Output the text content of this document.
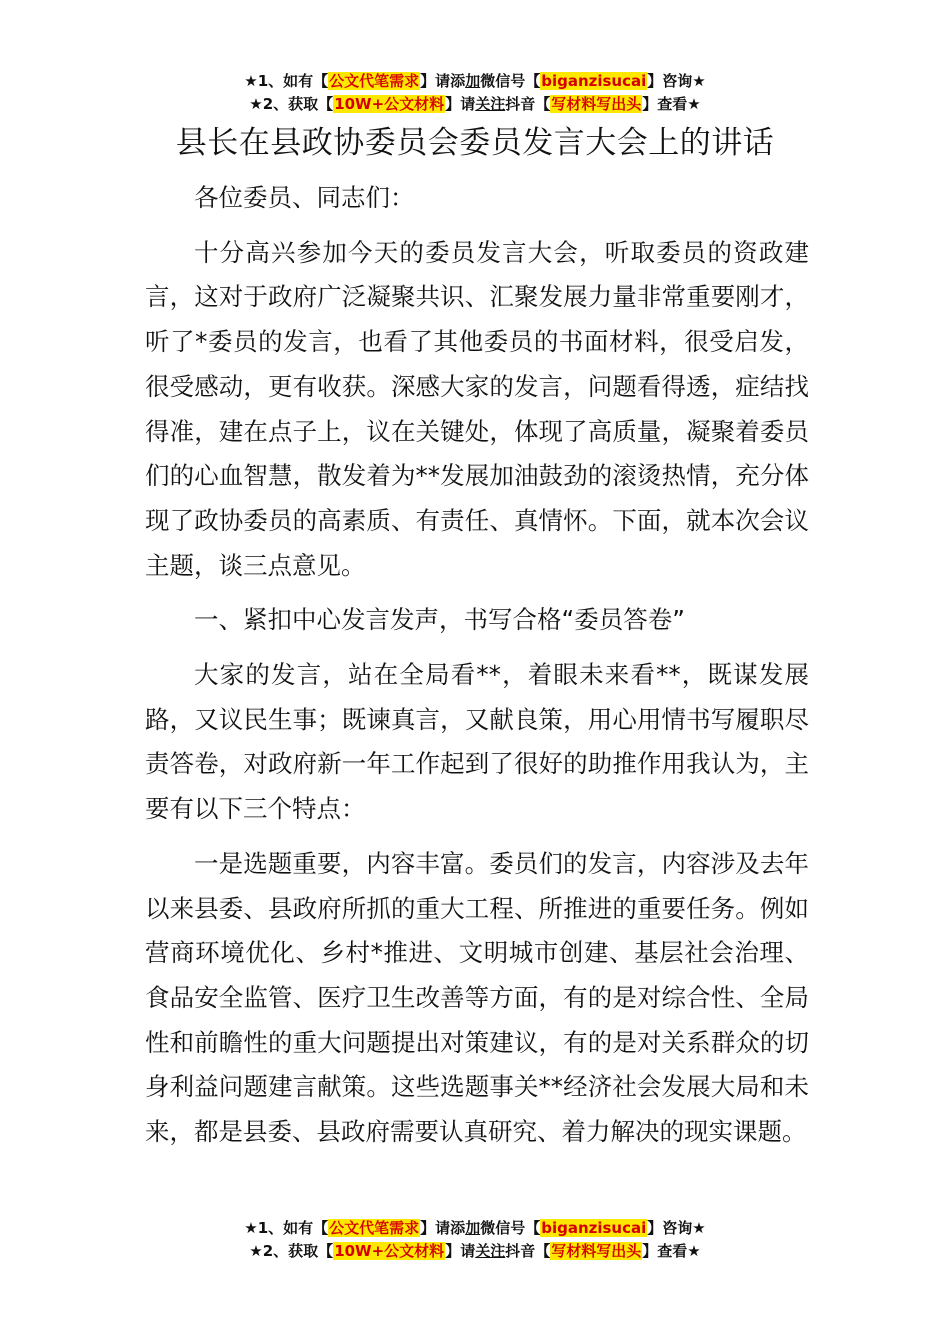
★1、如有【公文代笔需求】请添加微信号【biganzisucai】咨询★
★2、获取【10W+公文材料】请关注抖音【写材料写出头】查看★
县长在县政协委员会委员发言大会上的讲话

各位委员、同志们：

十分高兴参加今天的委员发言大会，听取委员的资政建言，这对于政府广泛凝聚共识、汇聚发展力量非常重要刚才，听了*委员的发言，也看了其他委员的书面材料，很受启发，很受感动，更有收获。深感大家的发言，问题看得透，症结找得准，建在点子上，议在关键处，体现了高质量，凝聚着委员们的心血智慧，散发着为**发展加油鼓劲的滚烫热情，充分体现了政协委员的高素质、有责任、真情怀。下面，就本次会议主题，谈三点意见。

一、紧扣中心发言发声，书写合格“委员答卷”

大家的发言，站在全局看**，着眼未来看**，既谋发展路，又议民生事；既谏真言，又献良策，用心用情书写履职尽责答卷，对政府新一年工作起到了很好的助推作用我认为，主要有以下三个特点：

一是选题重要，内容丰富。委员们的发言，内容涉及去年以来县委、县政府所抓的重大工程、所推进的重要任务。例如营商环境优化、乡村*推进、文明城市创建、基层社会治理、食品安全监管、医疗卫生改善等方面，有的是对综合性、全局性和前瞻性的重大问题提出对策建议，有的是对关系群众的切身利益问题建言献策。这些选题事关**经济社会发展大局和未来，都是县委、县政府需要认真研究、着力解决的现实课题。

★1、如有【公文代笔需求】请添加微信号【biganzisucai】咨询★
★2、获取【10W+公文材料】请关注抖音【写材料写出头】查看★
